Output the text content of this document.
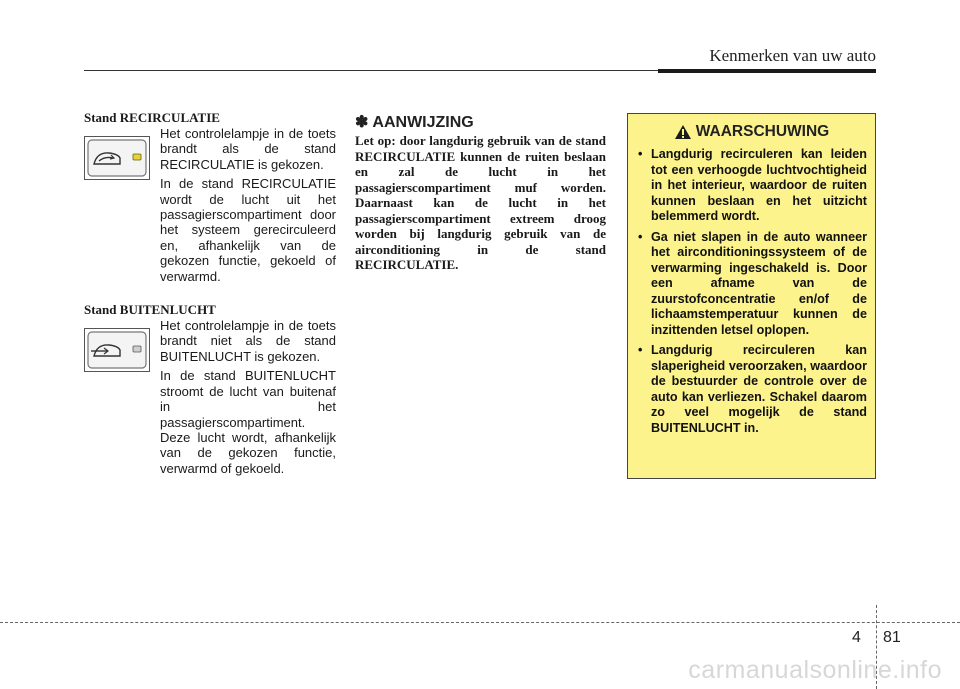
Kenmerken van uw auto

Stand RECIRCULATIE

Het controlelampje in de toets brandt als de stand RECIRCULATIE is gekozen.

In de stand RECIRCULATIE wordt de lucht uit het passagierscompartiment door het systeem gerecirculeerd en, afhankelijk van de gekozen functie, gekoeld of verwarmd.

Stand BUITENLUCHT

Het controlelampje in de toets brandt niet als de stand BUITENLUCHT is gekozen.

In de stand BUITENLUCHT stroomt de lucht van buitenaf in het passagierscompartiment. Deze lucht wordt, afhankelijk van de gekozen functie, verwarmd of gekoeld.

✽ AANWIJZING

Let op: door langdurig gebruik van de stand RECIRCULATIE kunnen de ruiten beslaan en zal de lucht in het passagierscompartiment muf worden. Daarnaast kan de lucht in het passagierscompartiment extreem droog worden bij langdurig gebruik van de airconditioning in de stand RECIRCULATIE.

WAARSCHUWING
• Langdurig recirculeren kan leiden tot een verhoogde luchtvochtigheid in het interieur, waardoor de ruiten kunnen beslaan en het uitzicht belemmerd wordt.
• Ga niet slapen in de auto wanneer het airconditioningssysteem of de verwarming ingeschakeld is. Door een afname van de zuurstofconcentratie en/of de lichaamstemperatuur kunnen de inzittenden letsel oplopen.
• Langdurig recirculeren kan slaperigheid veroorzaken, waardoor de bestuurder de controle over de auto kan verliezen. Schakel daarom zo veel mogelijk de stand BUITENLUCHT in.
4 81
carmanualsonline.info
